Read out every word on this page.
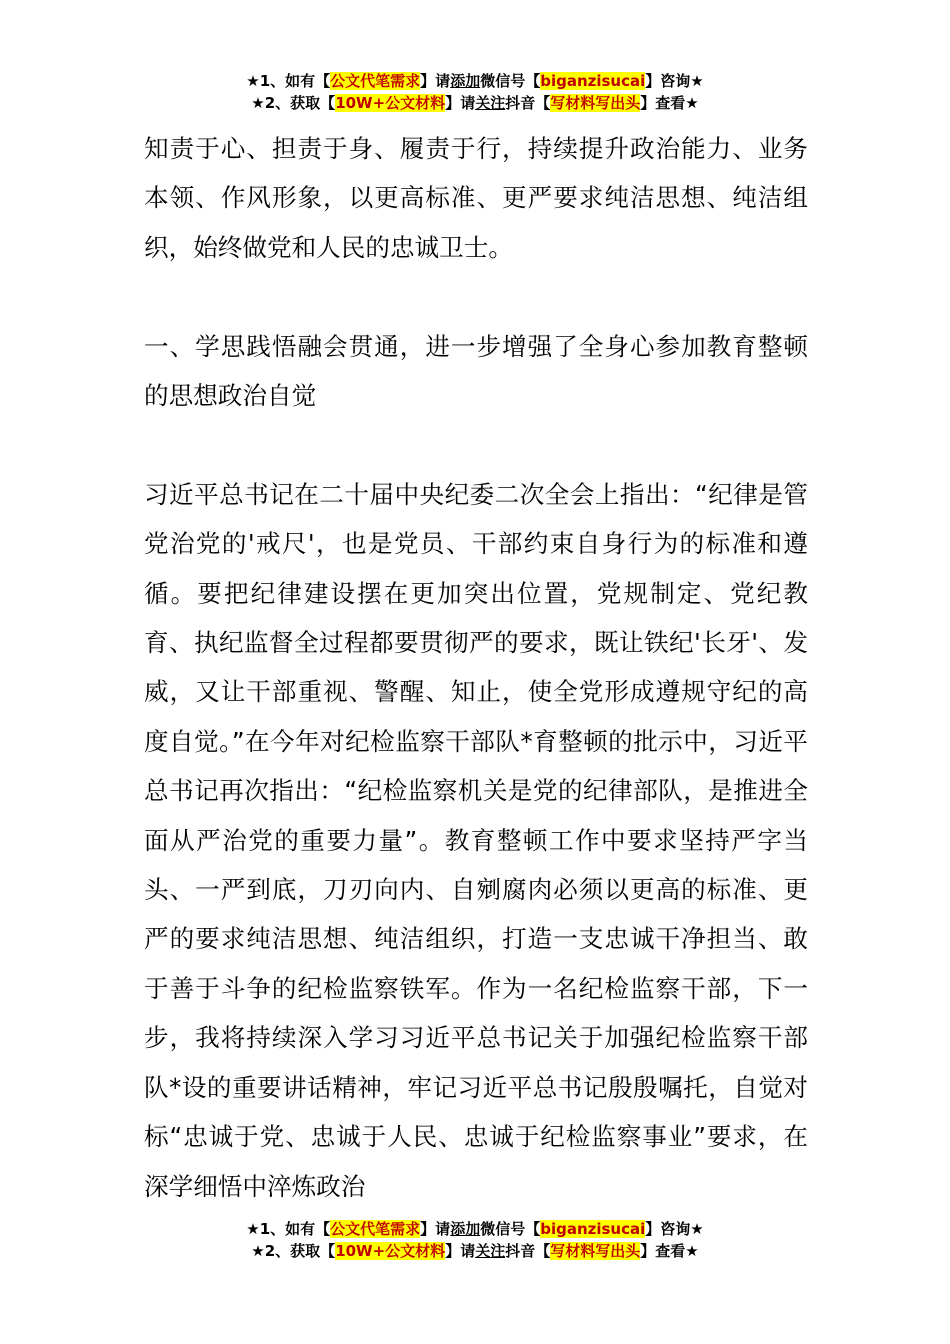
★1、如有【公文代笔需求】请添加微信号【biganzisucai】咨询★
★2、获取【10W+公文材料】请关注抖音【写材料写出头】查看★

知责于心、担责于身、履责于行，持续提升政治能力、业务本领、作风形象，以更高标准、更严要求纯洁思想、纯洁组织，始终做党和人民的忠诚卫士。

一、学思践悟融会贯通，进一步增强了全身心参加教育整顿的思想政治自觉

习近平总书记在二十届中央纪委二次全会上指出：“纪律是管党治党的'戒尺'，也是党员、干部约束自身行为的标准和遵循。要把纪律建设摆在更加突出位置，党规制定、党纪教育、执纪监督全过程都要贯彻严的要求，既让铁纪'长牙'、发威，又让干部重视、警醒、知止，使全党形成遵规守纪的高度自觉。”在今年对纪检监察干部队*育整顿的批示中，习近平总书记再次指出：“纪检监察机关是党的纪律部队，是推进全面从严治党的重要力量”。教育整顿工作中要求坚持严字当头、一严到底，刀刃向内、自剜腐肉必须以更高的标准、更严的要求纯洁思想、纯洁组织，打造一支忠诚干净担当、敢于善于斗争的纪检监察铁军。作为一名纪检监察干部，下一步，我将持续深入学习习近平总书记关于加强纪检监察干部队*设的重要讲话精神，牢记习近平总书记殷殷嘱托，自觉对标“忠诚于党、忠诚于人民、忠诚于纪检监察事业”要求，在深学细悟中淬炼政治

★1、如有【公文代笔需求】请添加微信号【biganzisucai】咨询★
★2、获取【10W+公文材料】请关注抖音【写材料写出头】查看★
